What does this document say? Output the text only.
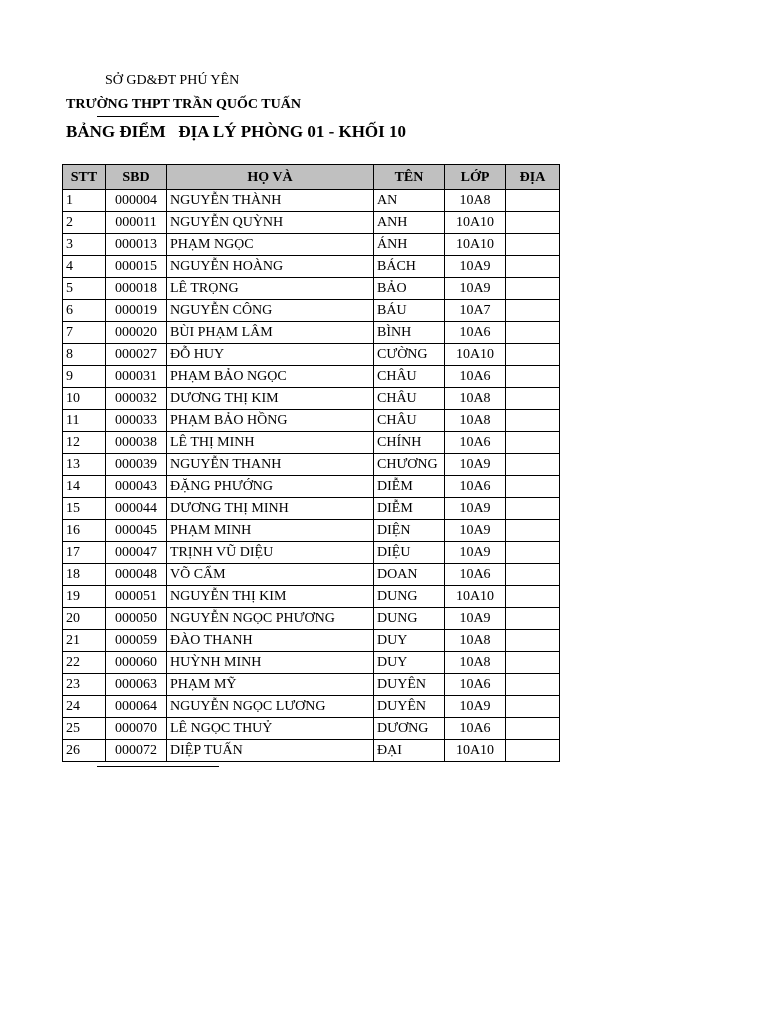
SỞ GD&ĐT PHÚ YÊN
TRƯỜNG THPT TRẦN QUỐC TUẤN
BẢNG ĐIỂM   ĐỊA LÝ PHÒNG 01 - KHỐI 10
STT	SBD	HỌ VÀ	TÊN	LỚP	ĐỊA
1	000004	NGUYỄN THÀNH	AN	10A8	
2	000011	NGUYỄN QUỲNH	ANH	10A10	
3	000013	PHẠM NGỌC	ÁNH	10A10	
4	000015	NGUYỄN HOÀNG	BÁCH	10A9	
5	000018	LÊ TRỌNG	BẢO	10A9	
6	000019	NGUYỄN CÔNG	BÁU	10A7	
7	000020	BÙI PHẠM LÂM	BÌNH	10A6	
8	000027	ĐỖ HUY	CƯỜNG	10A10	
9	000031	PHẠM BẢO NGỌC	CHÂU	10A6	
10	000032	DƯƠNG THỊ KIM	CHÂU	10A8	
11	000033	PHẠM BẢO HỒNG	CHÂU	10A8	
12	000038	LÊ THỊ MINH	CHÍNH	10A6	
13	000039	NGUYỄN THANH	CHƯƠNG	10A9	
14	000043	ĐẶNG PHƯỚNG	DIỄM	10A6	
15	000044	DƯƠNG THỊ MINH	DIỄM	10A9	
16	000045	PHẠM MINH	DIỆN	10A9	
17	000047	TRỊNH VŨ DIỆU	DIỆU	10A9	
18	000048	VÕ CẨM	DOAN	10A6	
19	000051	NGUYỄN THỊ KIM	DUNG	10A10	
20	000050	NGUYỄN NGỌC PHƯƠNG	DUNG	10A9	
21	000059	ĐÀO THANH	DUY	10A8	
22	000060	HUỲNH MINH	DUY	10A8	
23	000063	PHẠM MỸ	DUYÊN	10A6	
24	000064	NGUYỄN NGỌC LƯƠNG	DUYÊN	10A9	
25	000070	LÊ NGỌC THUỶ	DƯƠNG	10A6	
26	000072	DIỆP TUẤN	ĐẠI	10A10	
